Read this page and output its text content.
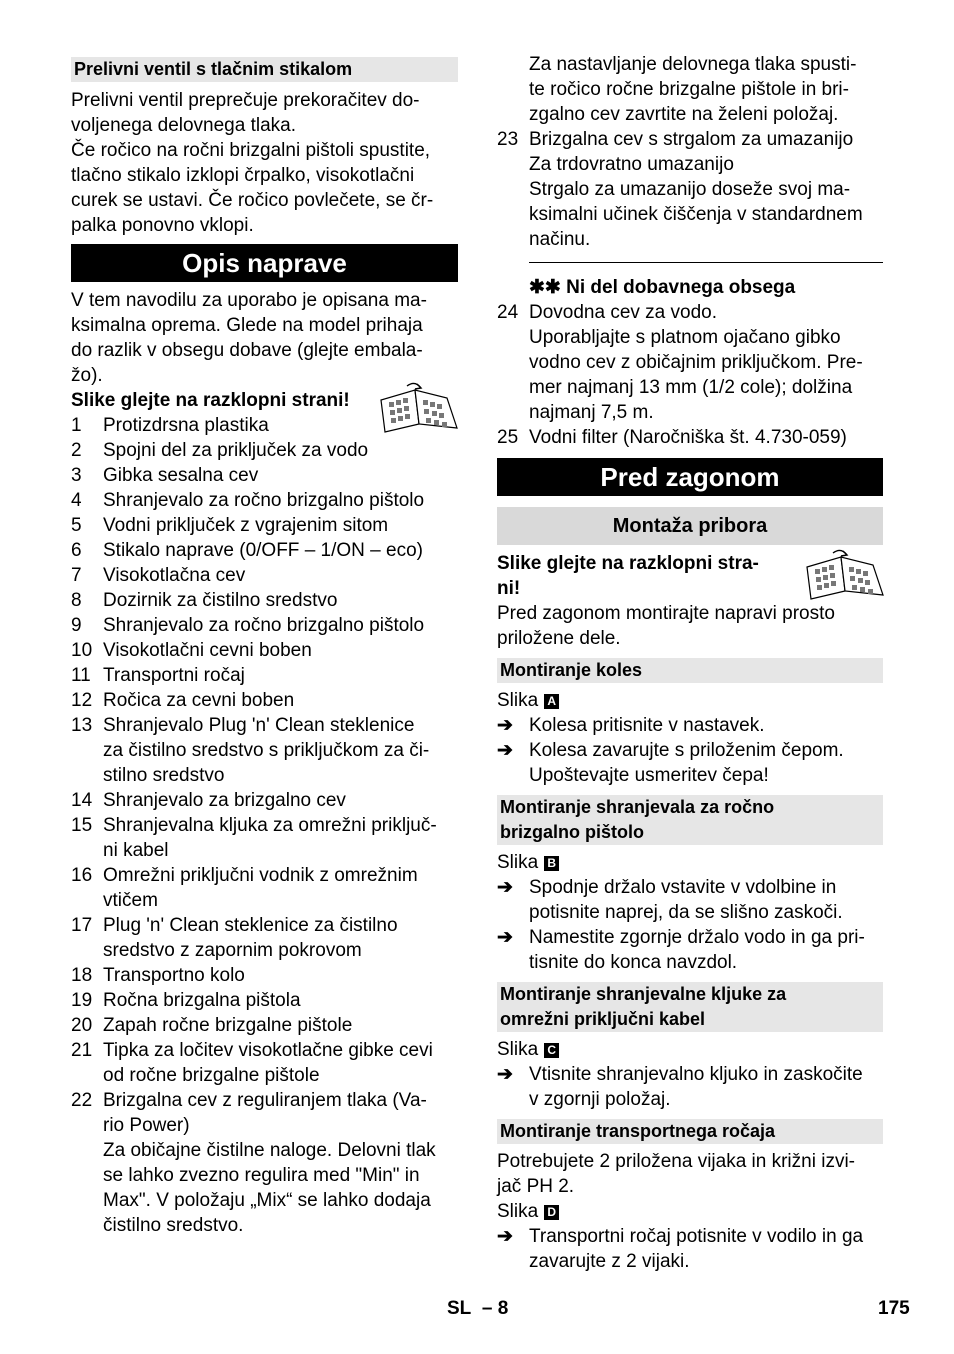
Prelivni ventil s tlačnim stikalom

Prelivni ventil preprečuje prekoračitev do-

voljenega delovnega tlaka.

Če ročico na ročni brizgalni pištoli spustite,

tlačno stikalo izklopi črpalko, visokotlačni

curek se ustavi. Če ročico povlečete, se čr-

palka ponovno vklopi.

Opis naprave

V tem navodilu za uporabo je opisana ma-

ksimalna oprema. Glede na model prihaja

do razlik v obsegu dobave (glejte embala-

žo).

Slike glejte na razklopni strani!

1	Protizdrsna plastika
2	Spojni del za priključek za vodo
3	Gibka sesalna cev
4	Shranjevalo za ročno brizgalno pištolo
5	Vodni priključek z vgrajenim sitom
6	Stikalo naprave (0/OFF – 1/ON – eco)
7	Visokotlačna cev
8	Dozirnik za čistilno sredstvo
9	Shranjevalo za ročno brizgalno pištolo
10 Visokotlačni cevni boben
11 Transportni ročaj
12 Ročica za cevni boben
13 Shranjevalo Plug 'n' Clean steklenice
za čistilno sredstvo s priključkom za či-
stilno sredstvo
14 Shranjevalo za brizgalno cev
15 Shranjevalna kljuka za omrežni priključ-
ni kabel
16 Omrežni priključni vodnik z omrežnim
vtičem
17 Plug 'n' Clean steklenice za čistilno
sredstvo z zapornim pokrovom
18 Transportno kolo
19 Ročna brizgalna pištola
20 Zapah ročne brizgalne pištole
21 Tipka za ločitev visokotlačne gibke cevi
od ročne brizgalne pištole
22 Brizgalna cev z reguliranjem tlaka (Va-
rio Power)
Za običajne čistilne naloge. Delovni tlak
se lahko zvezno regulira med "Min" in
Max". V položaju „Mix“ se lahko dodaja
čistilno sredstvo.
Za nastavljanje delovnega tlaka spusti-
te ročico ročne brizgalne pištole in bri-
zgalno cev zavrtite na želeni položaj.
23 Brizgalna cev s strgalom za umazanijo
Za trdovratno umazanijo
Strgalo za umazanijo doseže svoj ma-
ksimalni učinek čiščenja v standardnem
načinu.
✱✱ Ni del dobavnega obsega
24 Dovodna cev za vodo.
Uporabljajte s platnom ojačano gibko
vodno cev z običajnim priključkom. Pre-
mer najmanj 13 mm (1/2 cole); dolžina
najmanj 7,5 m.
25 Vodni filter (Naročniška št. 4.730-059)
Pred zagonom
Montaža pribora

Slike glejte na razklopni stra-

ni!

Pred zagonom montirajte napravi prosto

priložene dele.

Montiranje koles

Slika A

➔ Kolesa pritisnite v nastavek.
➔ Kolesa zavarujte s priloženim čepom.
Upoštevajte usmeritev čepa!
Montiranje shranjevala za ročno
brizgalno pištolo

Slika B

➔ Spodnje držalo vstavite v vdolbine in
potisnite naprej, da se slišno zaskoči.
➔ Namestite zgornje držalo vodo in ga pri-
tisnite do konca navzdol.
Montiranje shranjevalne kljuke za
omrežni priključni kabel

Slika C

➔ Vtisnite shranjevalno kljuko in zaskočite
v zgornji položaj.
Montiranje transportnega ročaja

Potrebujete 2 priložena vijaka in križni izvi-

jač PH 2.

Slika D

➔ Transportni ročaj potisnite v vodilo in ga
zavarujte z 2 vijaki.
SL – 8	175
